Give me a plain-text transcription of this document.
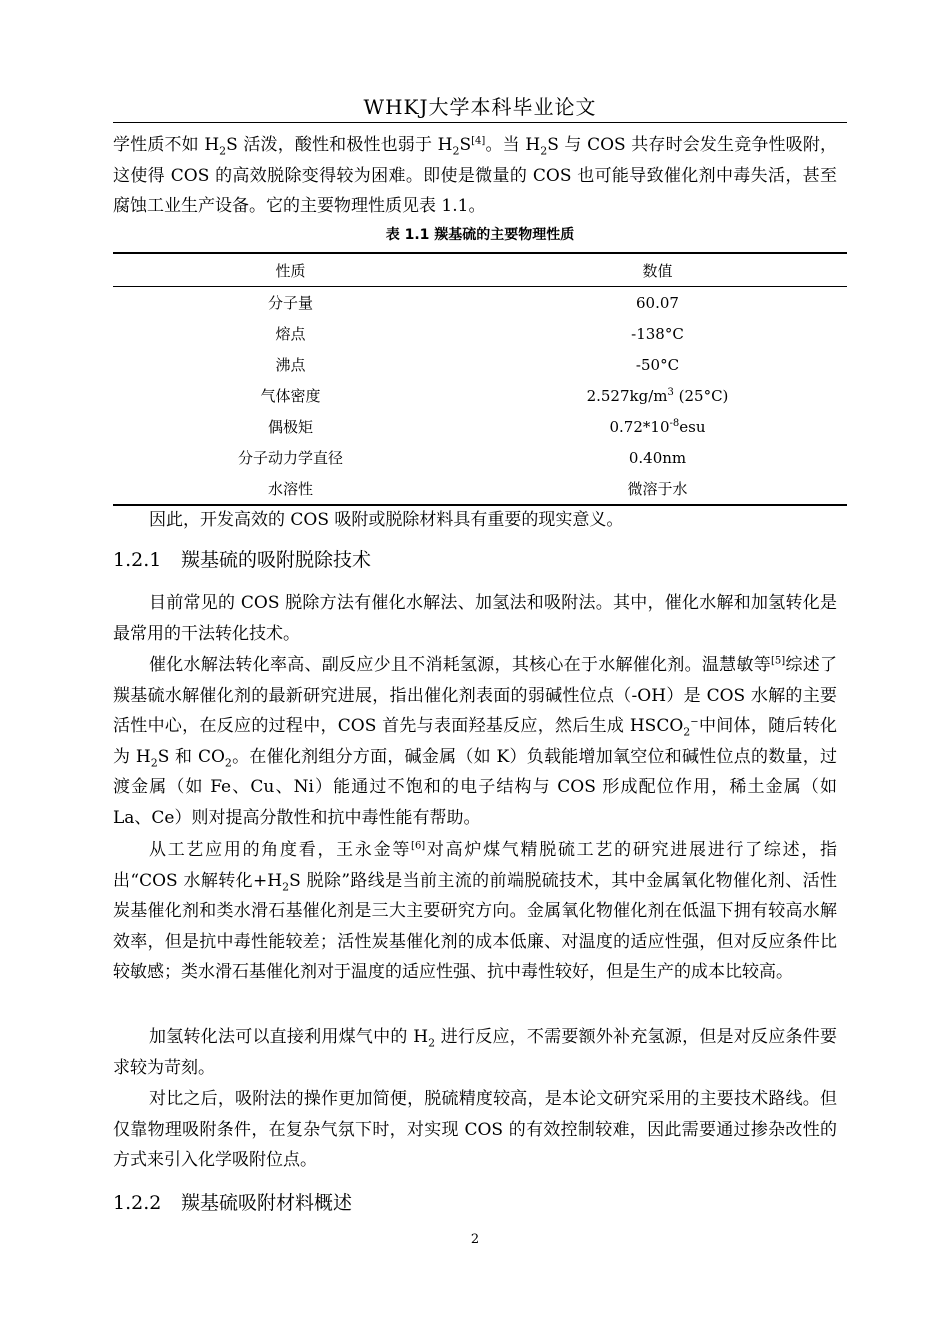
WHKJ大学本科毕业论文

学性质不如 $H_2S$ 活泼，酸性和极性也弱于 $H_2S[4]$。当 $H_2S$ 与 COS 共存时会发生竞争性吸附，这使得 COS 的高效脱除变得较为困难。即使是微量的 COS 也可能导致催化剂中毒失活，甚至腐蚀工业生产设备。它的主要物理性质见表 1.1。

表 1.1 羰基硫的主要物理性质
性质	数值
分子量	60.07
熔点	-138°C
沸点	-50°C
气体密度	$2.527kg/m^3$ (25°C)
偶极矩	$0.72*10^{-8}esu$
分子动力学直径	0.40nm
水溶性	微溶于水

因此，开发高效的 COS 吸附或脱除材料具有重要的现实意义。

1.2.1 羰基硫的吸附脱除技术

目前常见的 COS 脱除方法有催化水解法、加氢法和吸附法。其中，催化水解和加氢转化是最常用的干法转化技术。

催化水解法转化率高、副反应少且不消耗氢源，其核心在于水解催化剂。温慧敏等[5]综述了羰基硫水解催化剂的最新研究进展，指出催化剂表面的弱碱性位点（-OH）是 COS 水解的主要活性中心，在反应的过程中，COS 首先与表面羟基反应，然后生成 $HSCO_2^-$中间体，随后转化为 $H_2S$ 和 $CO_2$。在催化剂组分方面，碱金属（如 K）负载能增加氧空位和碱性位点的数量，过渡金属（如 Fe、Cu、Ni）能通过不饱和的电子结构与 COS 形成配位作用，稀土金属（如 La、Ce）则对提高分散性和抗中毒性能有帮助。

从工艺应用的角度看，王永金等[6]对高炉煤气精脱硫工艺的研究进展进行了综述，指出“COS 水解转化$+H_2S$ 脱除”路线是当前主流的前端脱硫技术，其中金属氧化物催化剂、活性炭基催化剂和类水滑石基催化剂是三大主要研究方向。金属氧化物催化剂在低温下拥有较高水解效率，但是抗中毒性能较差；活性炭基催化剂的成本低廉、对温度的适应性强，但对反应条件比较敏感；类水滑石基催化剂对于温度的适应性强、抗中毒性较好，但是生产的成本比较高。

加氢转化法可以直接利用煤气中的 $H_2$ 进行反应，不需要额外补充氢源，但是对反应条件要求较为苛刻。

对比之后，吸附法的操作更加简便，脱硫精度较高，是本论文研究采用的主要技术路线。但仅靠物理吸附条件，在复杂气氛下时，对实现 COS 的有效控制较难，因此需要通过掺杂改性的方式来引入化学吸附位点。

1.2.2 羰基硫吸附材料概述
2
